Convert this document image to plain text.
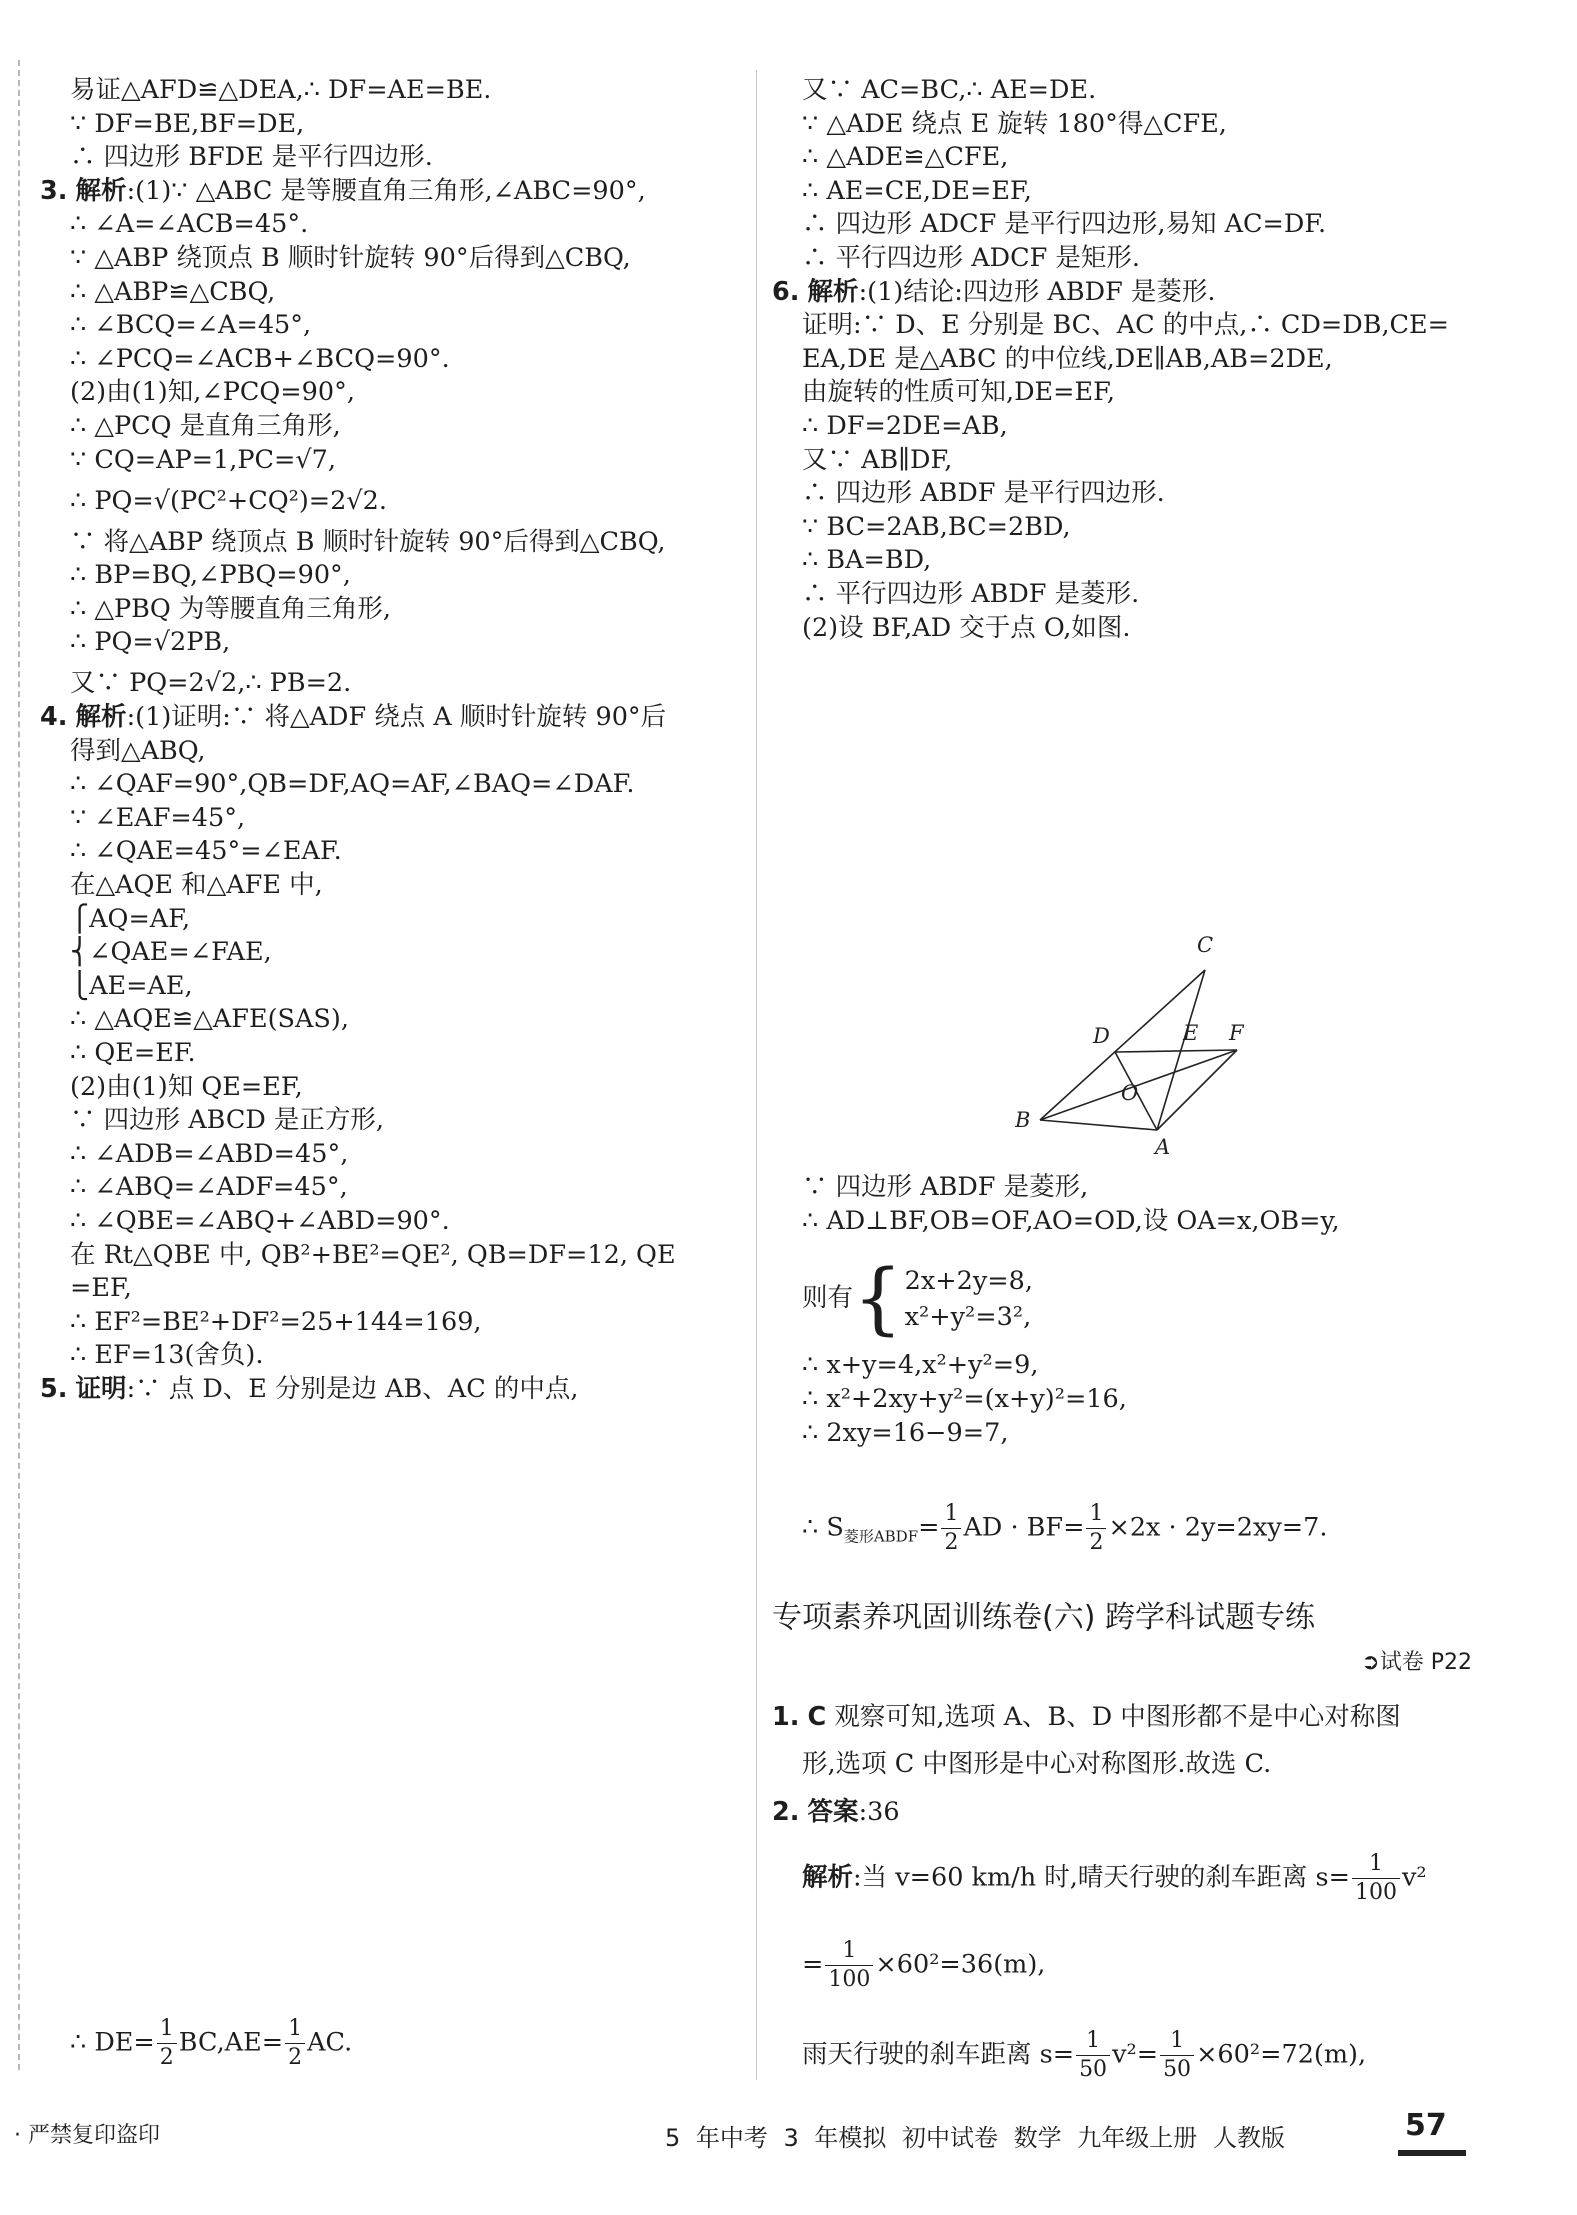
易证△AFD≌△DEA,∴ DF=AE=BE.
∵ DF=BE,BF=DE,
∴ 四边形 BFDE 是平行四边形.
3. 解析:(1)∵ △ABC 是等腰直角三角形,∠ABC=90°,
∴ ∠A=∠ACB=45°.
∵ △ABP 绕顶点 B 顺时针旋转 90°后得到△CBQ,
∴ △ABP≌△CBQ,
∴ ∠BCQ=∠A=45°,
∴ ∠PCQ=∠ACB+∠BCQ=90°.
(2)由(1)知,∠PCQ=90°,
∴ △PCQ 是直角三角形,
∵ CQ=AP=1,PC=√7,
∴ PQ=√(PC²+CQ²)=2√2.
∵ 将△ABP 绕顶点 B 顺时针旋转 90°后得到△CBQ,
∴ BP=BQ,∠PBQ=90°,
∴ △PBQ 为等腰直角三角形,
∴ PQ=√2PB,
又∵ PQ=2√2,∴ PB=2.
4. 解析:(1)证明:∵ 将△ADF 绕点 A 顺时针旋转 90°后
得到△ABQ,
∴ ∠QAF=90°,QB=DF,AQ=AF,∠BAQ=∠DAF.
∵ ∠EAF=45°,
∴ ∠QAE=45°=∠EAF.
在△AQE 和△AFE 中,
⎧AQ=AF,
⎨∠QAE=∠FAE,
⎩AE=AE,
∴ △AQE≌△AFE(SAS),
∴ QE=EF.
(2)由(1)知 QE=EF,
∵ 四边形 ABCD 是正方形,
∴ ∠ADB=∠ABD=45°,
∴ ∠ABQ=∠ADF=45°,
∴ ∠QBE=∠ABQ+∠ABD=90°.
在 Rt△QBE 中, QB²+BE²=QE², QB=DF=12, QE
=EF,
∴ EF²=BE²+DF²=25+144=169,
∴ EF=13(舍负).
5. 证明:∵ 点 D、E 分别是边 AB、AC 的中点,
∴ $DE= \frac{1}{2} BC,AE= \frac{1}{2}$ AC.
又∵ AC=BC,∴ AE=DE.
∵ △ADE 绕点 E 旋转 180°得△CFE,
∴ △ADE≌△CFE,
∴ AE=CE,DE=EF,
∴ 四边形 ADCF 是平行四边形,易知 AC=DF.
∴ 平行四边形 ADCF 是矩形.
6. 解析:(1)结论:四边形 ABDF 是菱形.
证明:∵ D、E 分别是 BC、AC 的中点,∴ CD=DB,CE=
EA,DE 是△ABC 的中位线,DE∥AB,AB=2DE,
由旋转的性质可知,DE=EF,
∴ DF=2DE=AB,
又∵ AB∥DF,
∴ 四边形 ABDF 是平行四边形.
∵ BC=2AB,BC=2BD,
∴ BA=BD,
∴ 平行四边形 ABDF 是菱形.
(2)设 BF,AD 交于点 O,如图.
C
D	E F
O
B
A
则有{2x+2y=8,
x²+y²=3²,
∴ x+y=4,x²+y²=9,
∴ x²+2xy+y²=(x+y)²=16,
∴ 2xy=16−9=7,
∴ $S_{菱形ABDF}= \frac{1}{2}$ AD · $BF= \frac{1}{2} \times 2x \cdot 2y=2xy=7$.
专项素养巩固训练卷(六) 跨学科试题专练
➲试卷 P22
1. C 观察可知,选项 A、B、D 中图形都不是中心对称图
形,选项 C 中图形是中心对称图形.故选 C.
2. 答案:36
解析:当 v=60 km/h 时,晴天行驶的刹车距离 $s= \frac{1}{100} v^2$
= $\frac{1}{100} \times 60^2=36(m)$,
雨天行驶的刹车距离 $s= \frac{1}{50} v^2= \frac{1}{50} \times 60^2=72(m)$,
· 严禁复印盗印	5 年中考 3 年模拟 初中试卷 数学 九年级上册 人教版	57
∵ 四边形 ABDF 是菱形,
∴ AD⊥BF,OB=OF,AO=OD,设 OA=x,OB=y,
